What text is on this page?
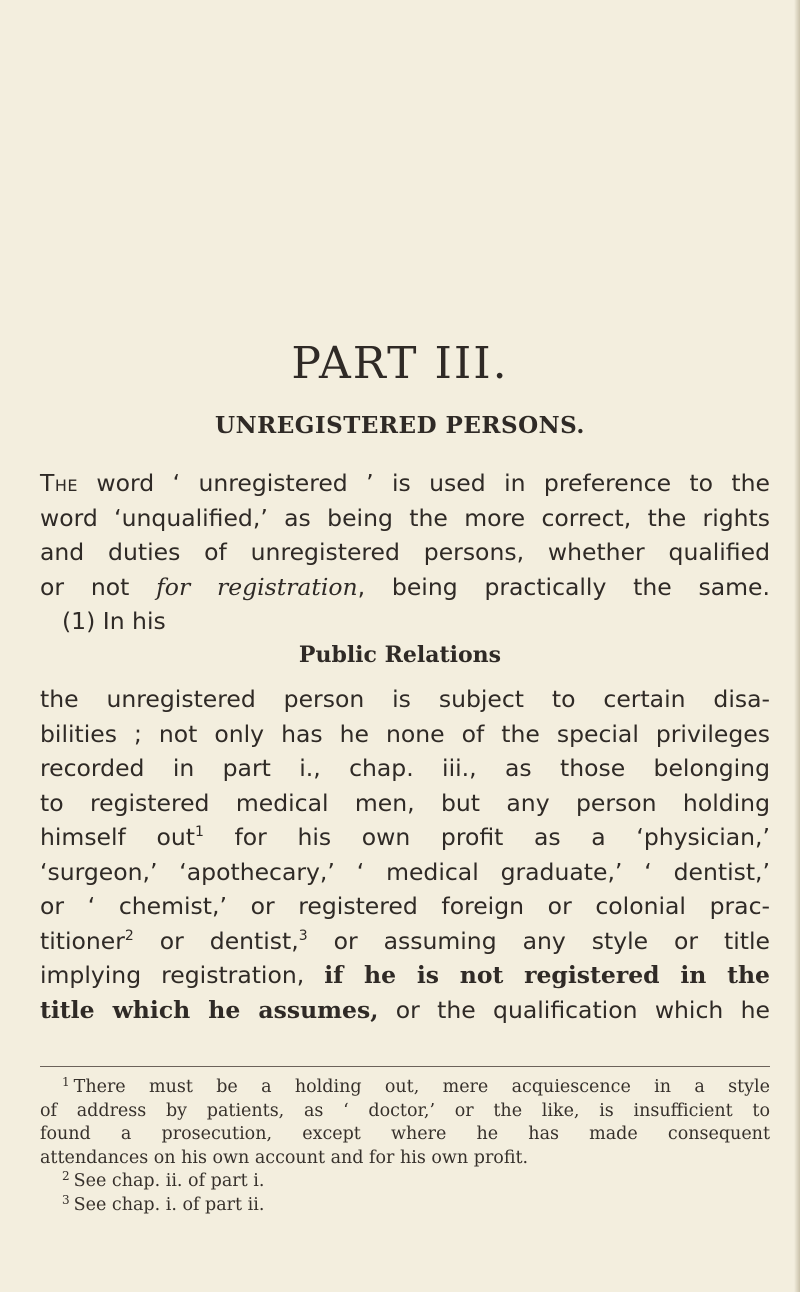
PART III.
UNREGISTERED PERSONS.
The word ‘ unregistered ’ is used in preference to the
word ‘unqualified,’ as being the more correct, the rights
and duties of unregistered persons, whether qualified
or not for registration, being practically the same.
(1) In his
Public Relations
the unregistered person is subject to certain disa-
bilities ; not only has he none of the special privileges
recorded in part i., chap. iii., as those belonging
to registered medical men, but any person holding
himself out$^1$ for his own profit as a ‘physician,’
‘surgeon,’ ‘apothecary,’ ‘ medical graduate,’ ‘ dentist,’
or ‘ chemist,’ or registered foreign or colonial prac-
titioner$^2$ or dentist,$^3$ or assuming any style or title
implying registration, if he is not registered in the
title which he assumes, or the qualification which he
$^1$ There must be a holding out, mere acquiescence in a style
of address by patients, as ‘ doctor,’ or the like, is insufficient to
found a prosecution, except where he has made consequent
attendances on his own account and for his own profit.
$^2$ See chap. ii. of part i.
$^3$ See chap. i. of part ii.
